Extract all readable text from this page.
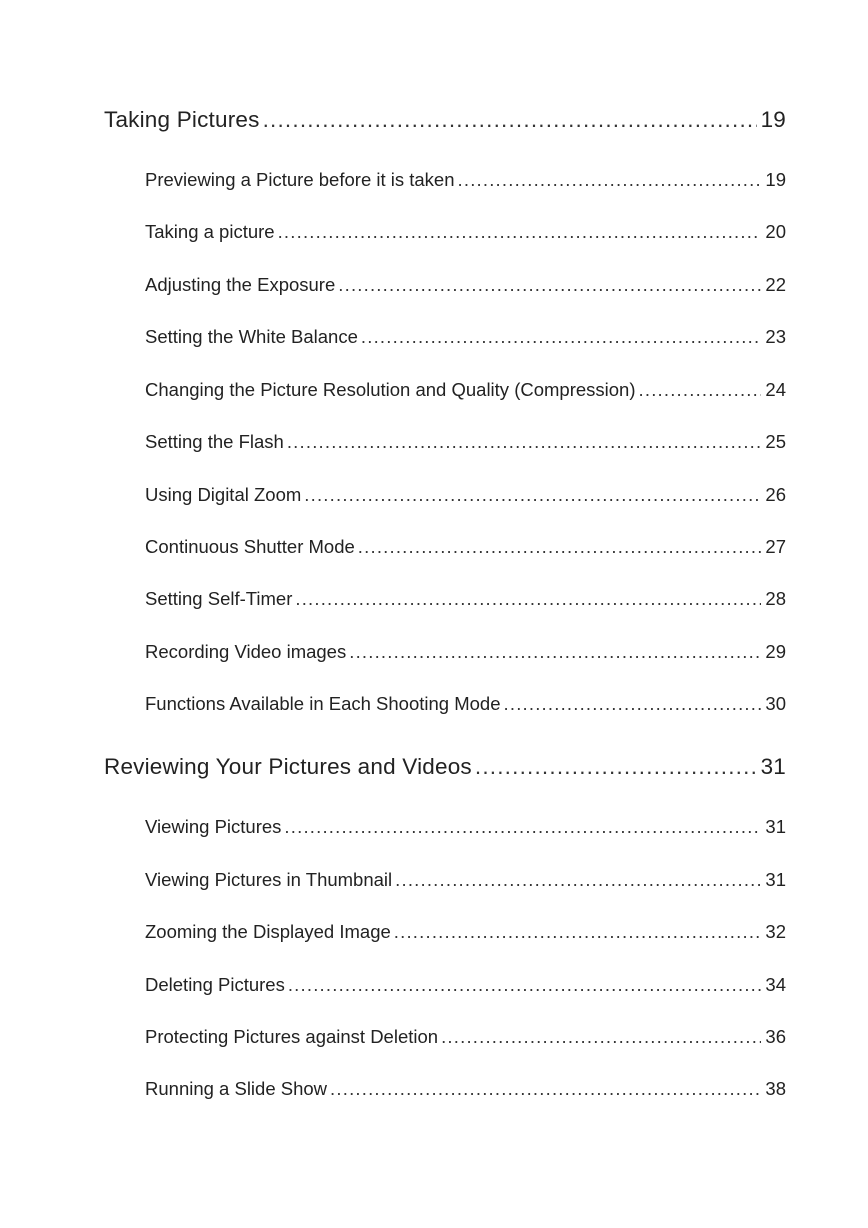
Taking Pictures .....	19
Previewing a Picture before it is taken .....	19
Taking a picture .....	20
Adjusting the Exposure .....	22
Setting the White Balance .....	23
Changing the Picture Resolution and Quality (Compression) .....	24
Setting the Flash .....	25
Using Digital Zoom .....	26
Continuous Shutter Mode .....	27
Setting Self-Timer .....	28
Recording Video images .....	29
Functions Available in Each Shooting Mode .....	30
Reviewing Your Pictures and Videos .....	31
Viewing Pictures .....	31
Viewing Pictures in Thumbnail .....	31
Zooming the Displayed Image .....	32
Deleting Pictures .....	34
Protecting Pictures against Deletion .....	36
Running a Slide Show .....	38
